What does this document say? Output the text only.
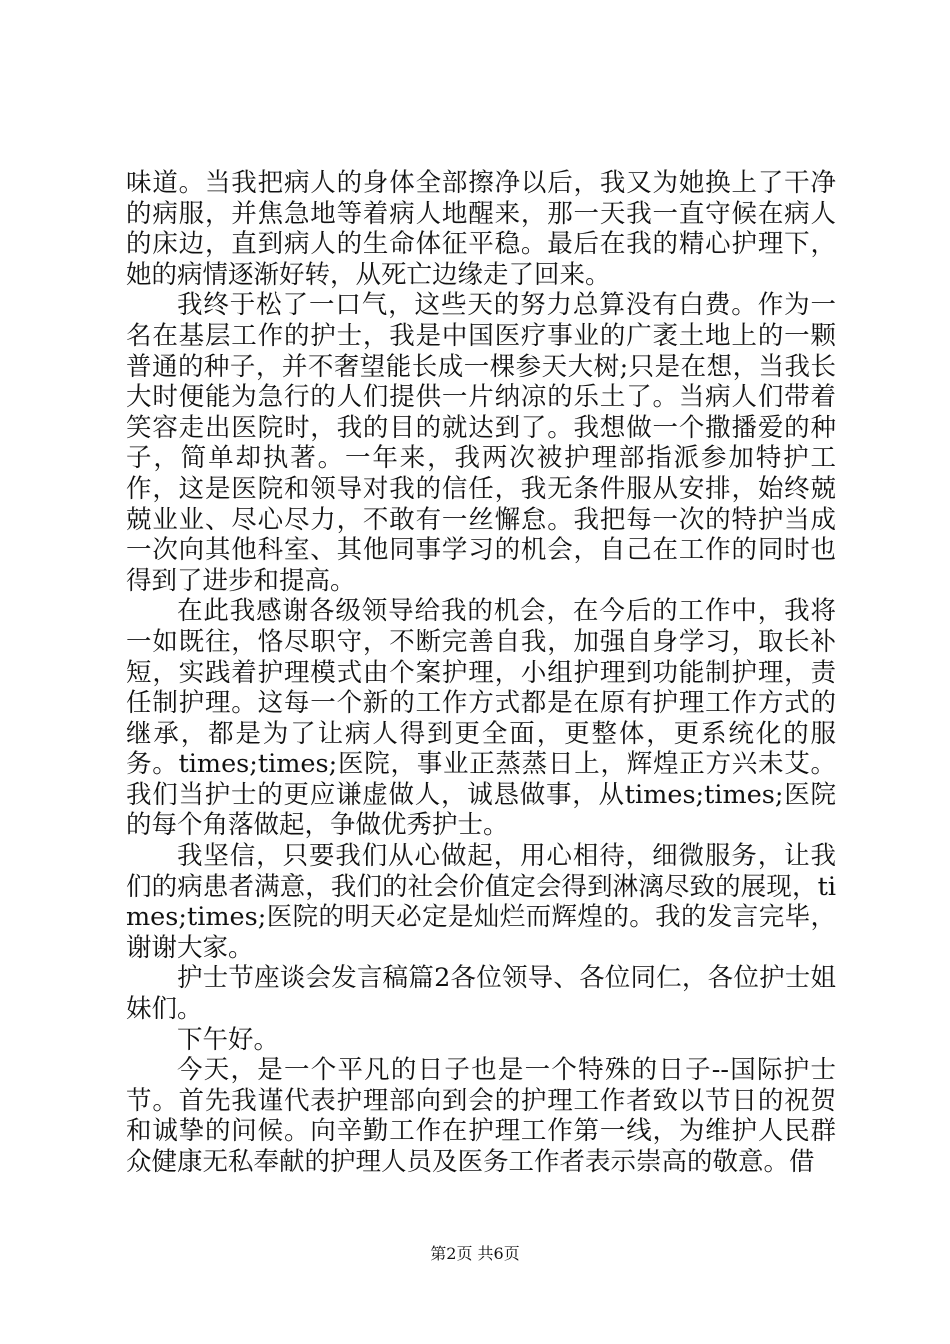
味道。当我把病人的身体全部擦净以后，我又为她换上了干净的病服，并焦急地等着病人地醒来，那一天我一直守候在病人的床边，直到病人的生命体征平稳。最后在我的精心护理下，她的病情逐渐好转，从死亡边缘走了回来。

我终于松了一口气，这些天的努力总算没有白费。作为一名在基层工作的护士，我是中国医疗事业的广袤土地上的一颗普通的种子，并不奢望能长成一棵参天大树;只是在想，当我长大时便能为急行的人们提供一片纳凉的乐土了。当病人们带着笑容走出医院时，我的目的就达到了。我想做一个撒播爱的种子，简单却执著。一年来，我两次被护理部指派参加特护工作，这是医院和领导对我的信任，我无条件服从安排，始终兢兢业业、尽心尽力，不敢有一丝懈怠。我把每一次的特护当成一次向其他科室、其他同事学习的机会，自己在工作的同时也得到了进步和提高。

在此我感谢各级领导给我的机会，在今后的工作中，我将一如既往，恪尽职守，不断完善自我，加强自身学习，取长补短，实践着护理模式由个案护理，小组护理到功能制护理，责任制护理。这每一个新的工作方式都是在原有护理工作方式的继承，都是为了让病人得到更全面，更整体，更系统化的服务。times;times;医院，事业正蒸蒸日上，辉煌正方兴未艾。我们当护士的更应谦虚做人，诚恳做事，从times;times;医院的每个角落做起，争做优秀护士。

我坚信，只要我们从心做起，用心相待，细微服务，让我们的病患者满意，我们的社会价值定会得到淋漓尽致的展现，times;times;医院的明天必定是灿烂而辉煌的。我的发言完毕，谢谢大家。

护士节座谈会发言稿篇2各位领导、各位同仁，各位护士姐妹们。

下午好。

今天，是一个平凡的日子也是一个特殊的日子--国际护士节。首先我谨代表护理部向到会的护理工作者致以节日的祝贺和诚挚的问候。向辛勤工作在护理工作第一线，为维护人民群众健康无私奉献的护理人员及医务工作者表示崇高的敬意。借

第2页 共6页
